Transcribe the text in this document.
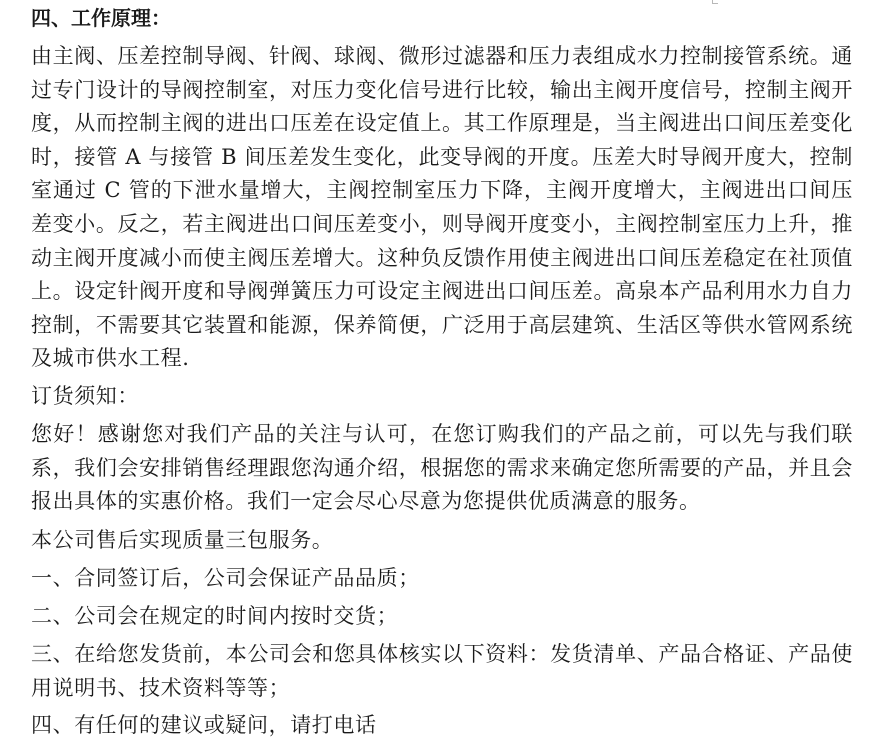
四、工作原理：

由主阀、压差控制导阀、针阀、球阀、微形过滤器和压力表组成水力控制接管系统。通过专门设计的导阀控制室，对压力变化信号进行比较，输出主阀开度信号，控制主阀开度，从而控制主阀的进出口压差在设定值上。其工作原理是，当主阀进出口间压差变化时，接管 A 与接管 B 间压差发生变化，此变导阀的开度。压差大时导阀开度大，控制室通过 C 管的下泄水量增大，主阀控制室压力下降，主阀开度增大，主阀进出口间压差变小。反之，若主阀进出口间压差变小，则导阀开度变小，主阀控制室压力上升，推动主阀开度减小而使主阀压差增大。这种负反馈作用使主阀进出口间压差稳定在社顶值上。设定针阀开度和导阀弹簧压力可设定主阀进出口间压差。高泉本产品利用水力自力控制，不需要其它装置和能源，保养简便，广泛用于高层建筑、生活区等供水管网系统及城市供水工程.

订货须知：

您好！感谢您对我们产品的关注与认可，在您订购我们的产品之前，可以先与我们联系，我们会安排销售经理跟您沟通介绍，根据您的需求来确定您所需要的产品，并且会报出具体的实惠价格。我们一定会尽心尽意为您提供优质满意的服务。

本公司售后实现质量三包服务。

一、合同签订后，公司会保证产品品质；

二、公司会在规定的时间内按时交货；

三、在给您发货前，本公司会和您具体核实以下资料：发货清单、产品合格证、产品使用说明书、技术资料等等；

四、有任何的建议或疑问，请打电话
